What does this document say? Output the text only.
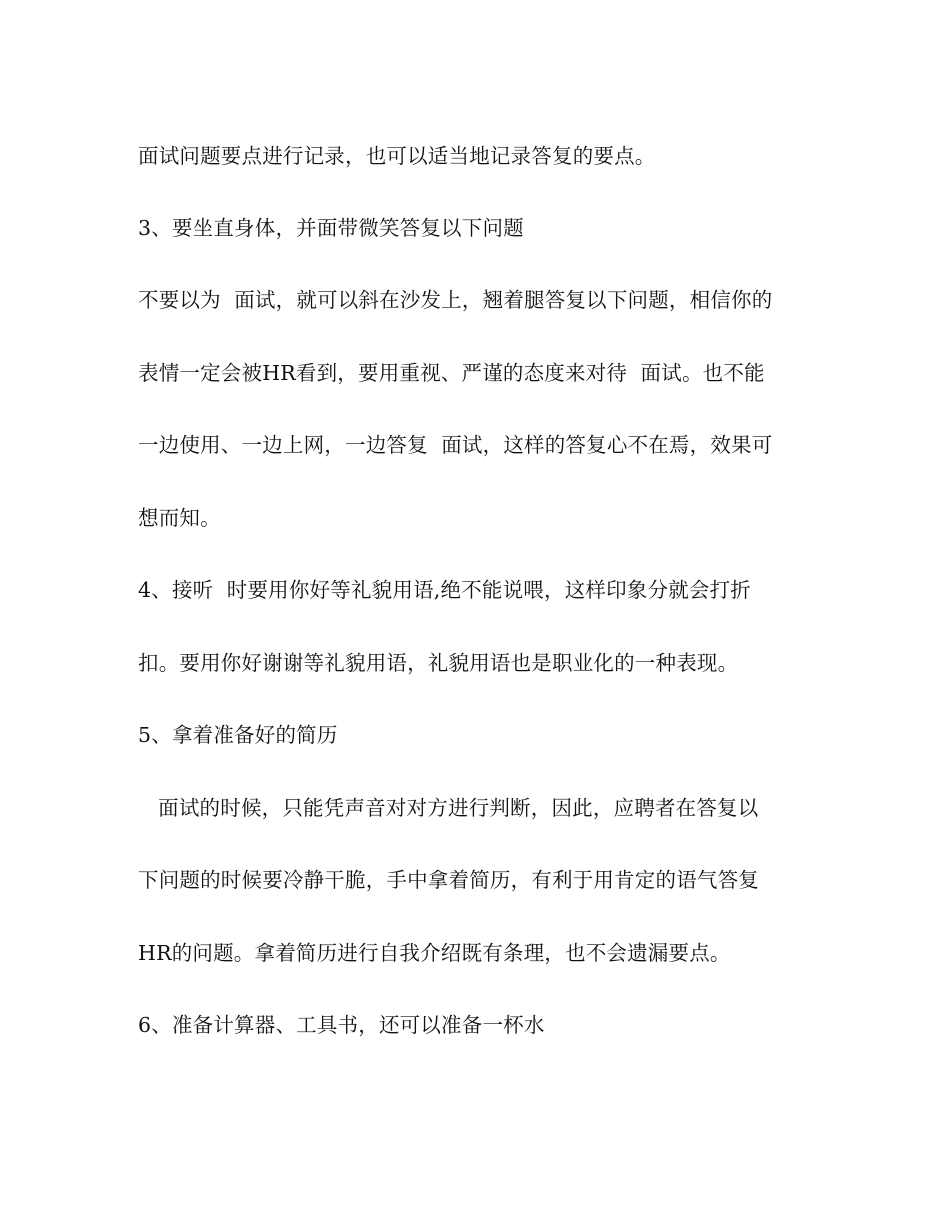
面试问题要点进行记录，也可以适当地记录答复的要点。
3、要坐直身体，并面带微笑答复以下问题
不要以为  面试，就可以斜在沙发上，翘着腿答复以下问题，相信你的
表情一定会被HR看到，要用重视、严谨的态度来对待  面试。也不能
一边使用、一边上网，一边答复  面试，这样的答复心不在焉，效果可
想而知。
4、接听  时要用你好等礼貌用语,绝不能说喂，这样印象分就会打折
扣。要用你好谢谢等礼貌用语，礼貌用语也是职业化的一种表现。
5、拿着准备好的简历
面试的时候，只能凭声音对对方进行判断，因此，应聘者在答复以
下问题的时候要冷静干脆，手中拿着简历，有利于用肯定的语气答复
HR的问题。拿着简历进行自我介绍既有条理，也不会遗漏要点。
6、准备计算器、工具书，还可以准备一杯水
